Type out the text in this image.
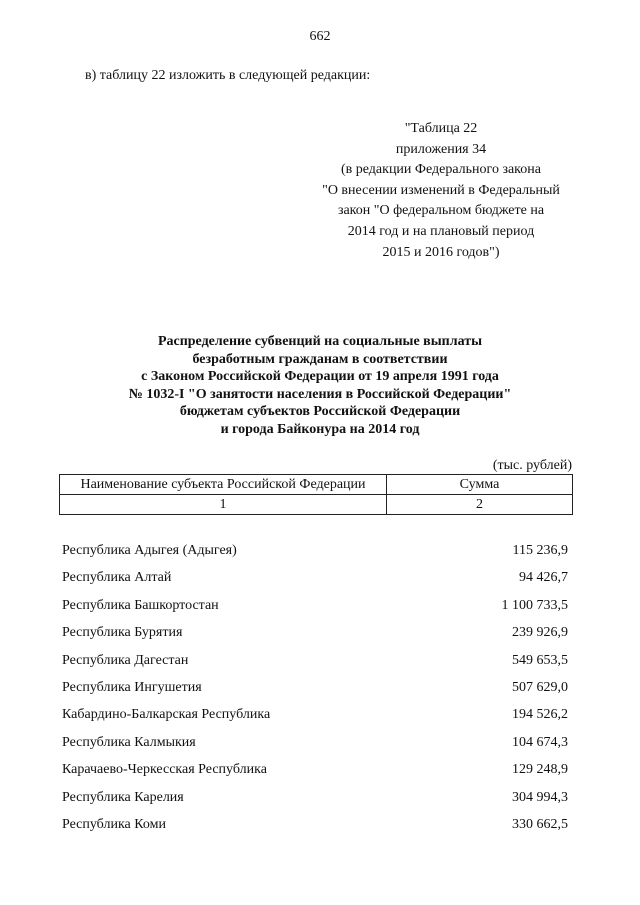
662
в) таблицу 22 изложить в следующей редакции:
"Таблица 22
приложения 34
(в редакции Федерального закона
"О внесении изменений в Федеральный
закон "О федеральном бюджете на
2014 год и на плановый период
2015 и 2016 годов")
Распределение субвенций на социальные выплаты
безработным гражданам в соответствии
с Законом Российской Федерации от 19 апреля 1991 года
№ 1032-I "О занятости населения в Российской Федерации"
бюджетам субъектов Российской Федерации
и города Байконура на 2014 год
(тыс. рублей)
Наименование субъекта Российской Федерации	Сумма
1	2
Республика Адыгея (Адыгея)	115 236,9
Республика Алтай	94 426,7
Республика Башкортостан	1 100 733,5
Республика Бурятия	239 926,9
Республика Дагестан	549 653,5
Республика Ингушетия	507 629,0
Кабардино-Балкарская Республика	194 526,2
Республика Калмыкия	104 674,3
Карачаево-Черкесская Республика	129 248,9
Республика Карелия	304 994,3
Республика Коми	330 662,5
